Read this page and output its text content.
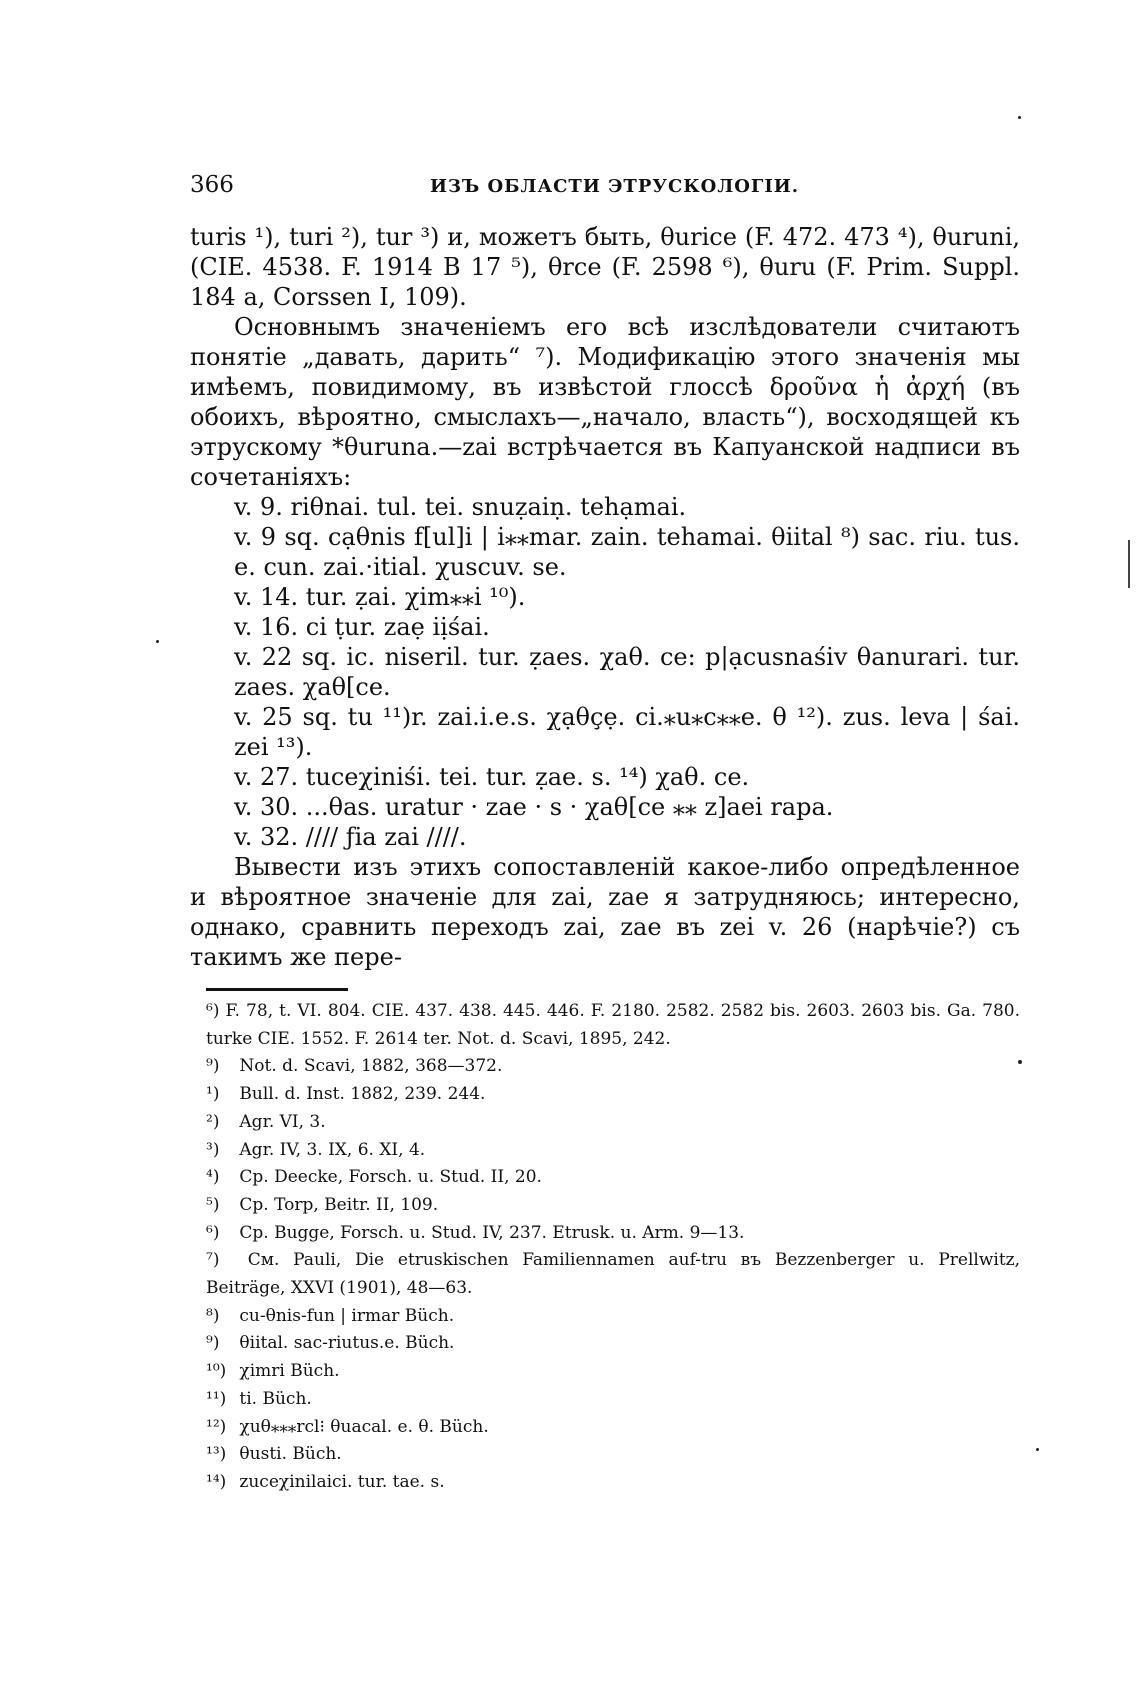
366	ИЗЪ ОБЛАСТИ ЭТРУСКОЛОГІИ.

turis ¹), turi ²), tur ³) и, можетъ быть, θurice (F. 472. 473 ⁴), θuruni, (CIE. 4538. F. 1914 B 17 ⁵), θrce (F. 2598 ⁶), θuru (F. Prim. Suppl. 184 a, Corssen I, 109).

Основнымъ значеніемъ его всѣ изслѣдователи считаютъ понятіе „давать, дарить“ ⁷). Модификацію этого значенія мы имѣемъ, повидимому, въ извѣстой глоссѣ δροῦνα ἡ ἀρχή (въ обоихъ, вѣроятно, смыслахъ—„начало, власть“), восходящей къ этрускому *θuruna.—zai встрѣчается въ Капуанской надписи въ сочетаніяхъ:

v. 9. riθnai. tul. tei. snuẓaiṇ. tehạmai.

v. 9 sq. cạθnis f[ul]i | i⁎⁎mar. zain. tehamai. θiital ⁸) sac. riu. tus. e. cun. zai.·itial. χuscuv. se.

v. 14. tur. ẓai. χim⁎⁎i ¹⁰).

v. 16. ci ṭur. zaẹ iịśai.

v. 22 sq. ic. niseril. tur. ẓaes. χaθ. ce: p|ạcusnaśiv θanurari. tur. zaes. χaθ[ce.

v. 25 sq. tu ¹¹)r. zai.i.e.s. χạθçẹ. ci.⁎u⁎c⁎⁎e. θ ¹²). zus. leva | śai. zei ¹³).

v. 27. tuceχiniśi. tei. tur. ẓae. s. ¹⁴) χaθ. ce.

v. 30. ...θas. uratur · zae · s · χaθ[ce ⁎⁎ z]aei rapa.

v. 32. //// ƒia zai ////.

Вывести изъ этихъ сопоставленій какое-либо опредѣленное и вѣроятное значеніе для zai, zae я затрудняюсь; интересно, однако, сравнить переходъ zai, zae въ zei v. 26 (нарѣчіе?) съ такимъ же пере-

⁶) F. 78, t. VI. 804. CIE. 437. 438. 445. 446. F. 2180. 2582. 2582 bis. 2603. 2603 bis. Ga. 780. turke CIE. 1552. F. 2614 ter. Not. d. Scavi, 1895, 242.

⁹) Not. d. Scavi, 1882, 368—372.

¹) Bull. d. Inst. 1882, 239. 244.

²) Agr. VI, 3.

³) Agr. IV, 3. IX, 6. XI, 4.

⁴) Cp. Deecke, Forsch. u. Stud. II, 20.

⁵) Cp. Torp, Beitr. II, 109.

⁶) Cp. Bugge, Forsch. u. Stud. IV, 237. Etrusk. u. Arm. 9—13.

⁷) Cм. Pauli, Die etruskischen Familiennamen auf-tru въ Bezzenberger u. Prellwitz, Beiträge, XXVI (1901), 48—63.

⁸) cu-θnis-fun | irmar Büch.

⁹) θiital. sac-riutus.e. Büch.

¹⁰) χimri Büch.

¹¹) ti. Büch.

¹²) χuθ⁎⁎⁎rcl⁝ θuacal. e. θ. Büch.

¹³) θusti. Büch.

¹⁴) zuceχinilaici. tur. tae. s.
